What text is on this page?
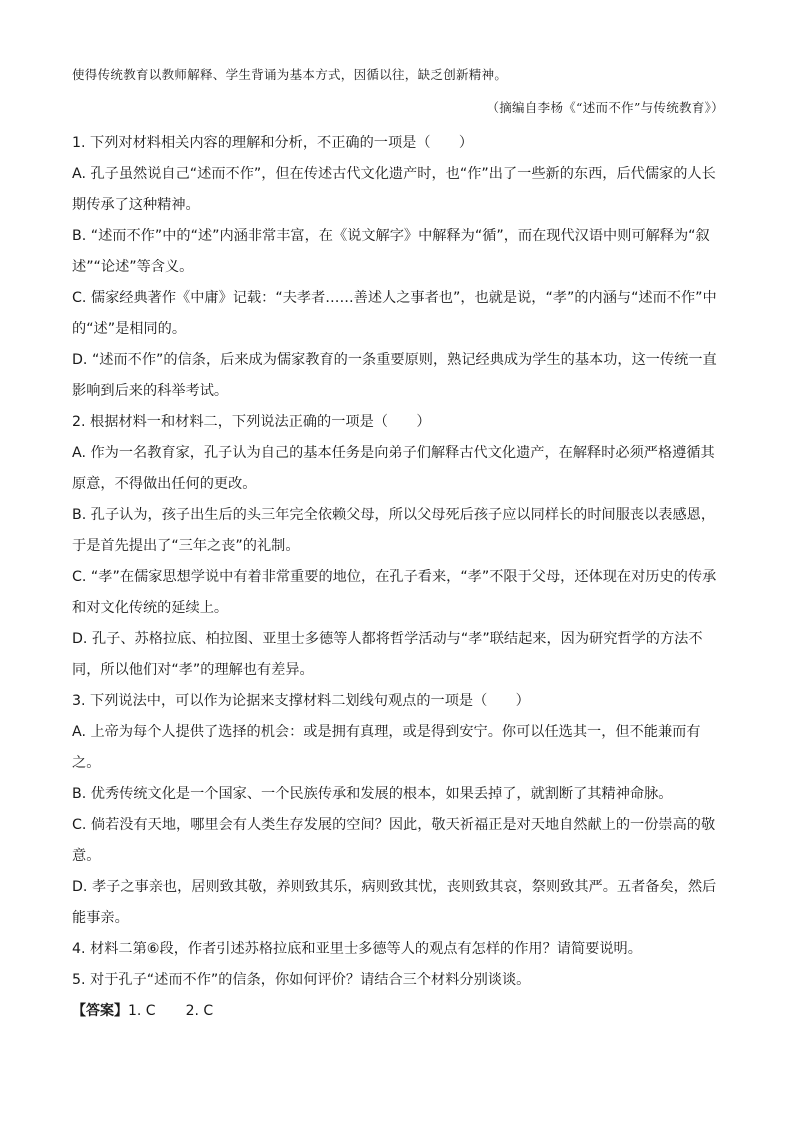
使得传统教育以教师解释、学生背诵为基本方式，因循以往，缺乏创新精神。
（摘编自李杨《“述而不作”与传统教育》）

1. 下列对材料相关内容的理解和分析，不正确的一项是（　　）

A. 孔子虽然说自己“述而不作”，但在传述古代文化遗产时，也“作”出了一些新的东西，后代儒家的人长期传承了这种精神。

B. “述而不作”中的“述”内涵非常丰富，在《说文解字》中解释为“循”，而在现代汉语中则可解释为“叙述”“论述”等含义。

C. 儒家经典著作《中庸》记载：“夫孝者……善述人之事者也”，也就是说，“孝”的内涵与“述而不作”中的“述”是相同的。

D. “述而不作”的信条，后来成为儒家教育的一条重要原则，熟记经典成为学生的基本功，这一传统一直影响到后来的科举考试。

2. 根据材料一和材料二，下列说法正确的一项是（　　）

A. 作为一名教育家，孔子认为自己的基本任务是向弟子们解释古代文化遗产，在解释时必须严格遵循其原意，不得做出任何的更改。

B. 孔子认为，孩子出生后的头三年完全依赖父母，所以父母死后孩子应以同样长的时间服丧以表感恩，于是首先提出了“三年之丧”的礼制。

C. “孝”在儒家思想学说中有着非常重要的地位，在孔子看来，“孝”不限于父母，还体现在对历史的传承和对文化传统的延续上。

D. 孔子、苏格拉底、柏拉图、亚里士多德等人都将哲学活动与“孝”联结起来，因为研究哲学的方法不同，所以他们对“孝”的理解也有差异。

3. 下列说法中，可以作为论据来支撑材料二划线句观点的一项是（　　）

A. 上帝为每个人提供了选择的机会：或是拥有真理，或是得到安宁。你可以任选其一，但不能兼而有之。

B. 优秀传统文化是一个国家、一个民族传承和发展的根本，如果丢掉了，就割断了其精神命脉。

C. 倘若没有天地，哪里会有人类生存发展的空间？因此，敬天祈福正是对天地自然献上的一份崇高的敬意。

D. 孝子之事亲也，居则致其敬，养则致其乐，病则致其忧，丧则致其哀，祭则致其严。五者备矣，然后能事亲。

4. 材料二第⑥段，作者引述苏格拉底和亚里士多德等人的观点有怎样的作用？请简要说明。

5. 对于孔子“述而不作”的信条，你如何评价？请结合三个材料分别谈谈。

【答案】1. C 2. C
